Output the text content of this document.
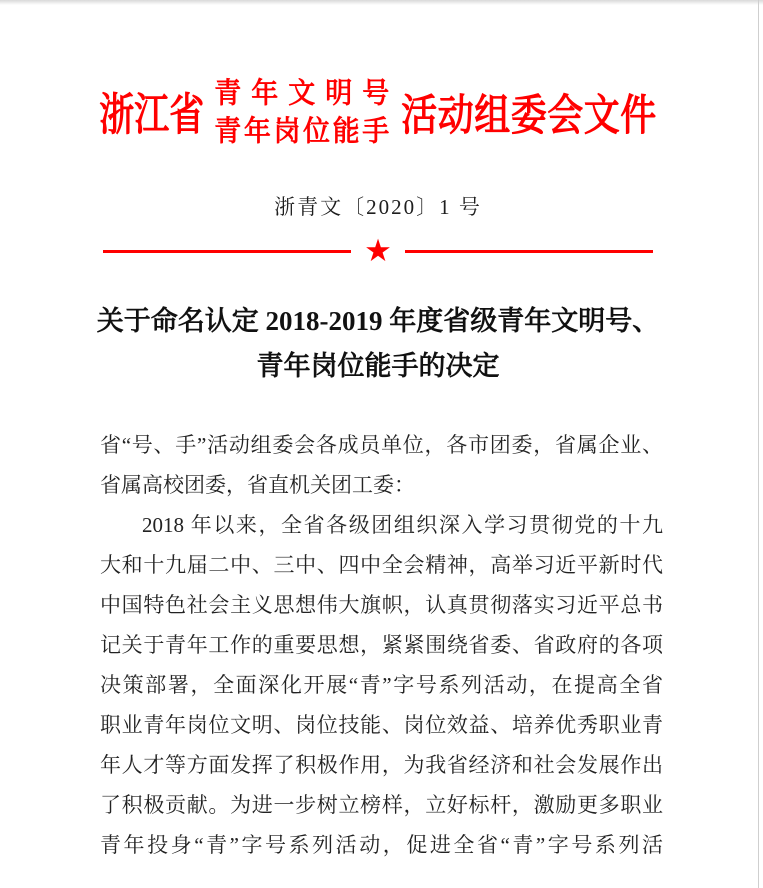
浙江省 青年文明号
青年岗位能手 活动组委会文件
浙青文〔2020〕1 号
★
关于命名认定 2018-2019 年度省级青年文明号、
青年岗位能手的决定
省“号、手”活动组委会各成员单位，各市团委，省属企业、
省属高校团委，省直机关团工委：
2018 年以来，全省各级团组织深入学习贯彻党的十九
大和十九届二中、三中、四中全会精神，高举习近平新时代
中国特色社会主义思想伟大旗帜，认真贯彻落实习近平总书
记关于青年工作的重要思想，紧紧围绕省委、省政府的各项
决策部署，全面深化开展“青”字号系列活动，在提高全省
职业青年岗位文明、岗位技能、岗位效益、培养优秀职业青
年人才等方面发挥了积极作用，为我省经济和社会发展作出
了积极贡献。为进一步树立榜样，立好标杆，激励更多职业
青年投身“青”字号系列活动，促进全省“青”字号系列活
